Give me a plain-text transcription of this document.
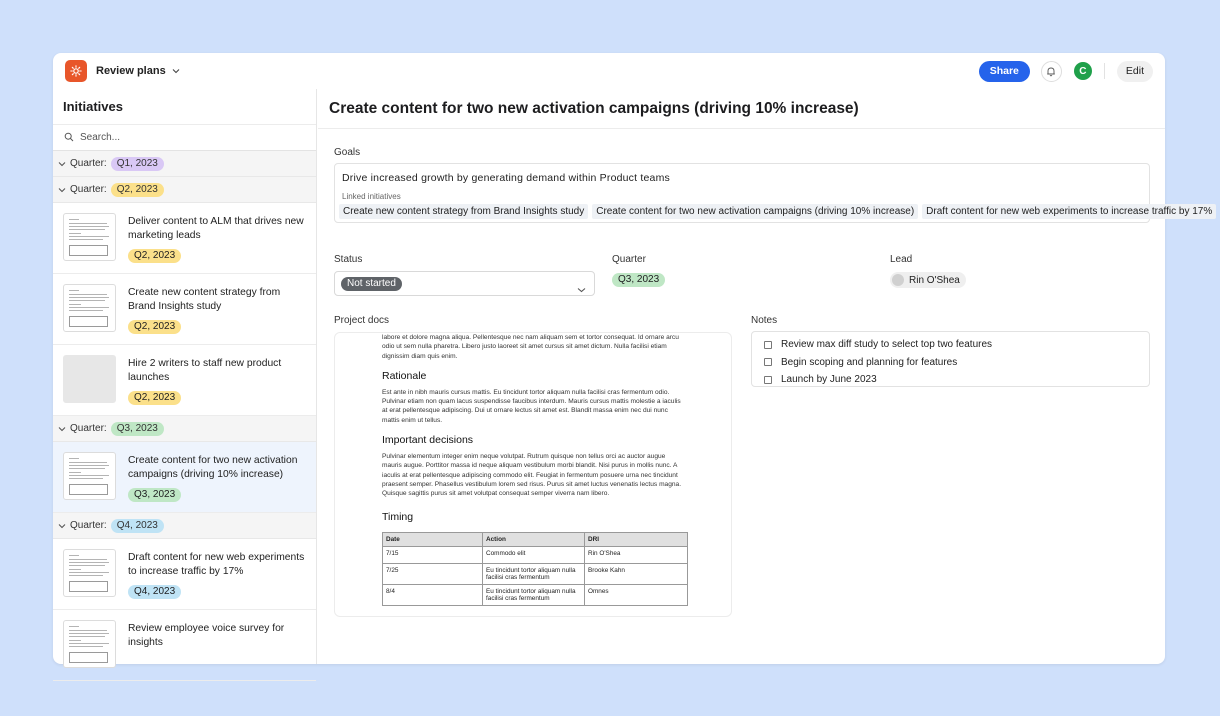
Review plans	Share	C	Edit
Initiatives
Search...
Quarter:	Q1, 2023
Quarter:	Q2, 2023
Deliver content to ALM that drives new marketing leads
Q2, 2023
Create new content strategy from Brand Insights study
Q2, 2023
Hire 2 writers to staff new product launches
Q2, 2023
Quarter:	Q3, 2023
Create content for two new activation campaigns (driving 10% increase)
Q3, 2023
Quarter:	Q4, 2023
Draft content for new web experiments to increase traffic by 17%
Q4, 2023
Review employee voice survey for insights
Create content for two new activation campaigns (driving 10% increase)
Goals
Drive increased growth by generating demand within Product teams
Linked initiatives
Create new content strategy from Brand Insights study	Create content for two new activation campaigns (driving 10% increase)	Draft content for new web experiments to increase traffic by 17%
Status
Not started
Quarter
Q3, 2023
Lead
Rin O'Shea
Project docs
labore et dolore magna aliqua. Pellentesque nec nam aliquam sem et tortor consequat. Id ornare arcu odio ut sem nulla pharetra. Libero justo laoreet sit amet cursus sit amet dictum. Nulla facilisi etiam dignissim diam quis enim.
Rationale
Est ante in nibh mauris cursus mattis. Eu tincidunt tortor aliquam nulla facilisi cras fermentum odio. Pulvinar etiam non quam lacus suspendisse faucibus interdum. Mauris cursus mattis molestie a iaculis at erat pellentesque adipiscing. Dui ut ornare lectus sit amet est. Blandit massa enim nec dui nunc mattis enim ut tellus.
Important decisions
Pulvinar elementum integer enim neque volutpat. Rutrum quisque non tellus orci ac auctor augue mauris augue. Porttitor massa id neque aliquam vestibulum morbi blandit. Nisi purus in mollis nunc. A iaculis at erat pellentesque adipiscing commodo elit. Feugiat in fermentum posuere urna nec tincidunt praesent semper. Phasellus vestibulum lorem sed risus. Purus sit amet luctus venenatis lectus magna. Quisque sagittis purus sit amet volutpat consequat semper viverra nam libero.
Timing
Date	Action	DRI
7/15	Commodo elit	Rin O'Shea
7/25	Eu tincidunt tortor aliquam nulla facilisi cras fermentum	Brooke Kahn
8/4	Eu tincidunt tortor aliquam nulla facilisi cras fermentum	Omnes
Notes
Review max diff study to select top two features
Begin scoping and planning for features
Launch by June 2023
